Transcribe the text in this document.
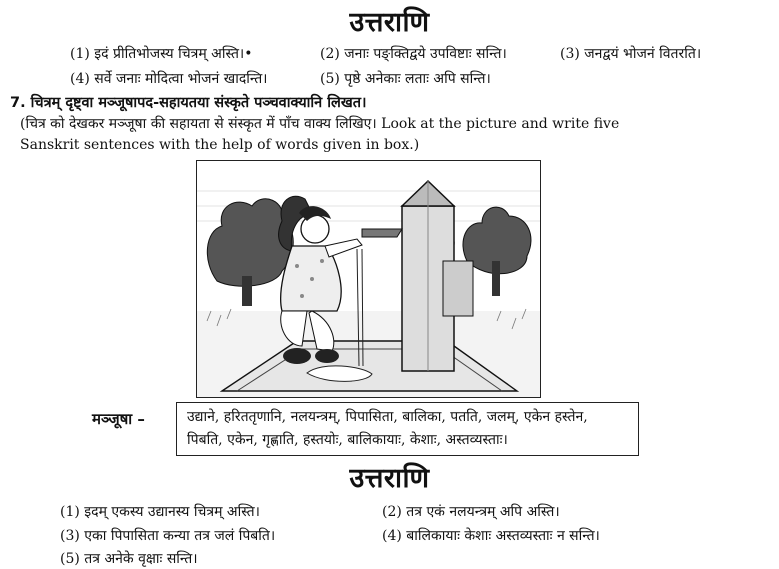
उत्तराणि
(1) इदं प्रीतिभोजस्य चित्रम् अस्ति।•	(2) जनाः पङ्क्तिद्वये उपविष्टाः सन्ति।	(3) जनद्वयं भोजनं वितरति।
(4) सर्वे जनाः मोदित्वा भोजनं खादन्ति।	(5) पृष्ठे अनेकाः लताः अपि सन्ति।
7. चित्रम् दृष्ट्वा मञ्जूषापद-सहायतया संस्कृते पञ्चवाक्यानि लिखत।
(चित्र को देखकर मञ्जूषा की सहायता से संस्कृत में पाँच वाक्य लिखिए। Look at the picture and write five
Sanskrit sentences with the help of words given in box.)
मञ्जूषा –	उद्याने, हरिततृणानि, नलयन्त्रम्, पिपासिता, बालिका, पतति, जलम्, एकेन हस्तेन,
पिबति, एकेन, गृह्णाति, हस्तयोः, बालिकायाः, केशाः, अस्तव्यस्ताः।
उत्तराणि
(1) इदम् एकस्य उद्यानस्य चित्रम् अस्ति।	(2) तत्र एकं नलयन्त्रम् अपि अस्ति।
(3) एका पिपासिता कन्या तत्र जलं पिबति।	(4) बालिकायाः केशाः अस्तव्यस्ताः न सन्ति।
(5) तत्र अनेके वृक्षाः सन्ति।
